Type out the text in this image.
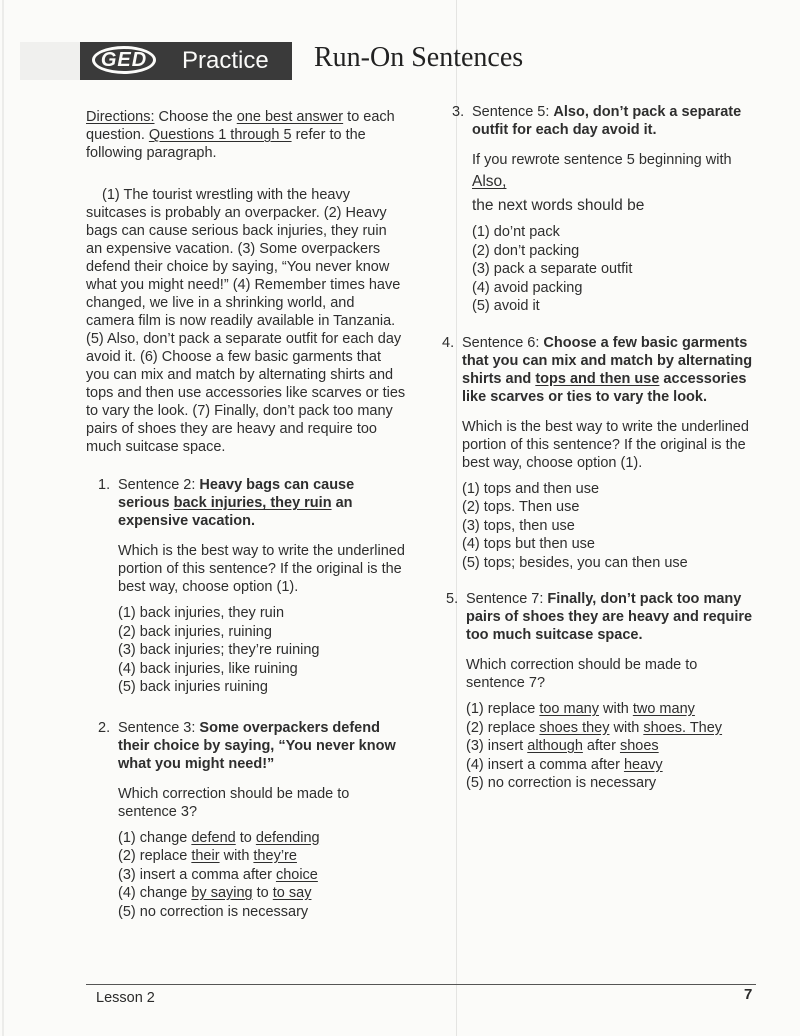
GED Practice Run-On Sentences
Directions: Choose the one best answer to each question. Questions 1 through 5 refer to the following paragraph.

(1) The tourist wrestling with the heavy suitcases is probably an overpacker. (2) Heavy bags can cause serious back injuries, they ruin an expensive vacation. (3) Some overpackers defend their choice by saying, “You never know what you might need!” (4) Remember times have changed, we live in a shrinking world, and camera film is now readily available in Tanzania. (5) Also, don’t pack a separate outfit for each day avoid it. (6) Choose a few basic garments that you can mix and match by alternating shirts and tops and then use accessories like scarves or ties to vary the look. (7) Finally, don’t pack too many pairs of shoes they are heavy and require too much suitcase space.

1. Sentence 2: Heavy bags can cause serious back injuries, they ruin an expensive vacation.

Which is the best way to write the underlined portion of this sentence? If the original is the best way, choose option (1).

(1) back injuries, they ruin

(2) back injuries, ruining

(3) back injuries; they’re ruining

(4) back injuries, like ruining

(5) back injuries ruining

2. Sentence 3: Some overpackers defend their choice by saying, “You never know what you might need!”

Which correction should be made to sentence 3?

(1) change defend to defending

(2) replace their with they’re

(3) insert a comma after choice

(4) change by saying to to say

(5) no correction is necessary

3. Sentence 5: Also, don’t pack a separate outfit for each day avoid it.

If you rewrote sentence 5 beginning with

Also,

the next words should be

(1) do’nt pack

(2) don’t packing

(3) pack a separate outfit

(4) avoid packing

(5) avoid it

4. Sentence 6: Choose a few basic garments that you can mix and match by alternating shirts and tops and then use accessories like scarves or ties to vary the look.

Which is the best way to write the underlined portion of this sentence? If the original is the best way, choose option (1).

(1) tops and then use

(2) tops. Then use

(3) tops, then use

(4) tops but then use

(5) tops; besides, you can then use

5. Sentence 7: Finally, don’t pack too many pairs of shoes they are heavy and require too much suitcase space.

Which correction should be made to sentence 7?

(1) replace too many with two many

(2) replace shoes they with shoes. They

(3) insert although after shoes

(4) insert a comma after heavy

(5) no correction is necessary

Lesson 2	7
